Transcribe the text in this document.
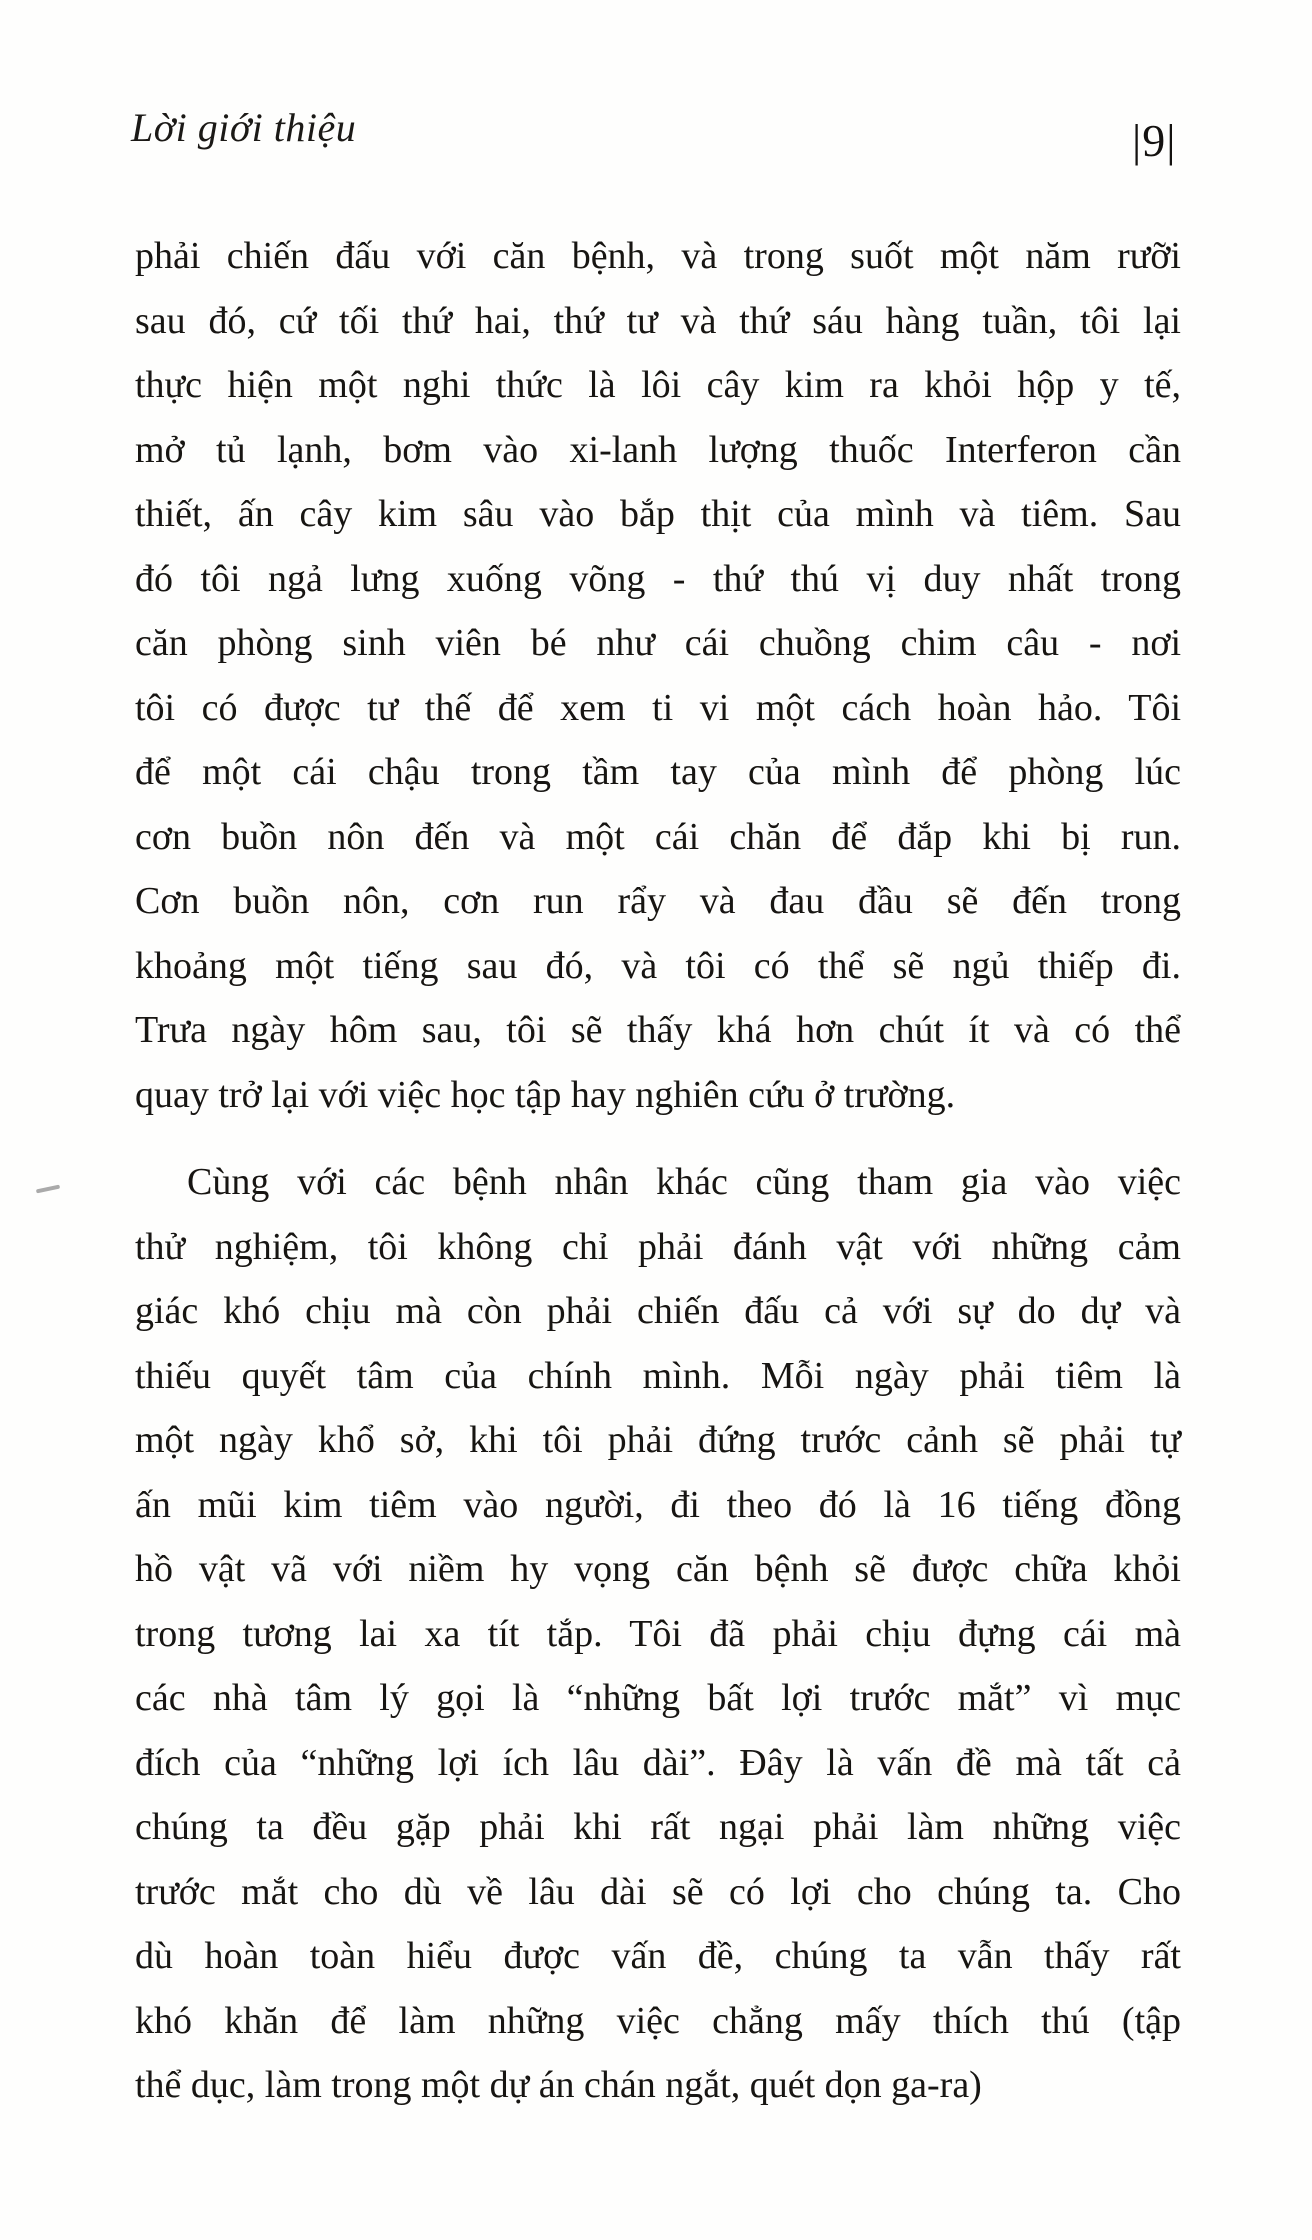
Lời giới thiệu	|9|
phải chiến đấu với căn bệnh, và trong suốt một năm rưỡi
sau đó, cứ tối thứ hai, thứ tư và thứ sáu hàng tuần, tôi lại
thực hiện một nghi thức là lôi cây kim ra khỏi hộp y tế,
mở tủ lạnh, bơm vào xi-lanh lượng thuốc Interferon cần
thiết, ấn cây kim sâu vào bắp thịt của mình và tiêm. Sau
đó tôi ngả lưng xuống võng - thứ thú vị duy nhất trong
căn phòng sinh viên bé như cái chuồng chim câu - nơi
tôi có được tư thế để xem ti vi một cách hoàn hảo. Tôi
để một cái chậu trong tầm tay của mình để phòng lúc
cơn buồn nôn đến và một cái chăn để đắp khi bị run.
Cơn buồn nôn, cơn run rẩy và đau đầu sẽ đến trong
khoảng một tiếng sau đó, và tôi có thể sẽ ngủ thiếp đi.
Trưa ngày hôm sau, tôi sẽ thấy khá hơn chút ít và có thể
quay trở lại với việc học tập hay nghiên cứu ở trường.
Cùng với các bệnh nhân khác cũng tham gia vào việc
thử nghiệm, tôi không chỉ phải đánh vật với những cảm
giác khó chịu mà còn phải chiến đấu cả với sự do dự và
thiếu quyết tâm của chính mình. Mỗi ngày phải tiêm là
một ngày khổ sở, khi tôi phải đứng trước cảnh sẽ phải tự
ấn mũi kim tiêm vào người, đi theo đó là 16 tiếng đồng
hồ vật vã với niềm hy vọng căn bệnh sẽ được chữa khỏi
trong tương lai xa tít tắp. Tôi đã phải chịu đựng cái mà
các nhà tâm lý gọi là “những bất lợi trước mắt” vì mục
đích của “những lợi ích lâu dài”. Đây là vấn đề mà tất cả
chúng ta đều gặp phải khi rất ngại phải làm những việc
trước mắt cho dù về lâu dài sẽ có lợi cho chúng ta. Cho
dù hoàn toàn hiểu được vấn đề, chúng ta vẫn thấy rất
khó khăn để làm những việc chẳng mấy thích thú (tập
thể dục, làm trong một dự án chán ngắt, quét dọn ga-ra)
